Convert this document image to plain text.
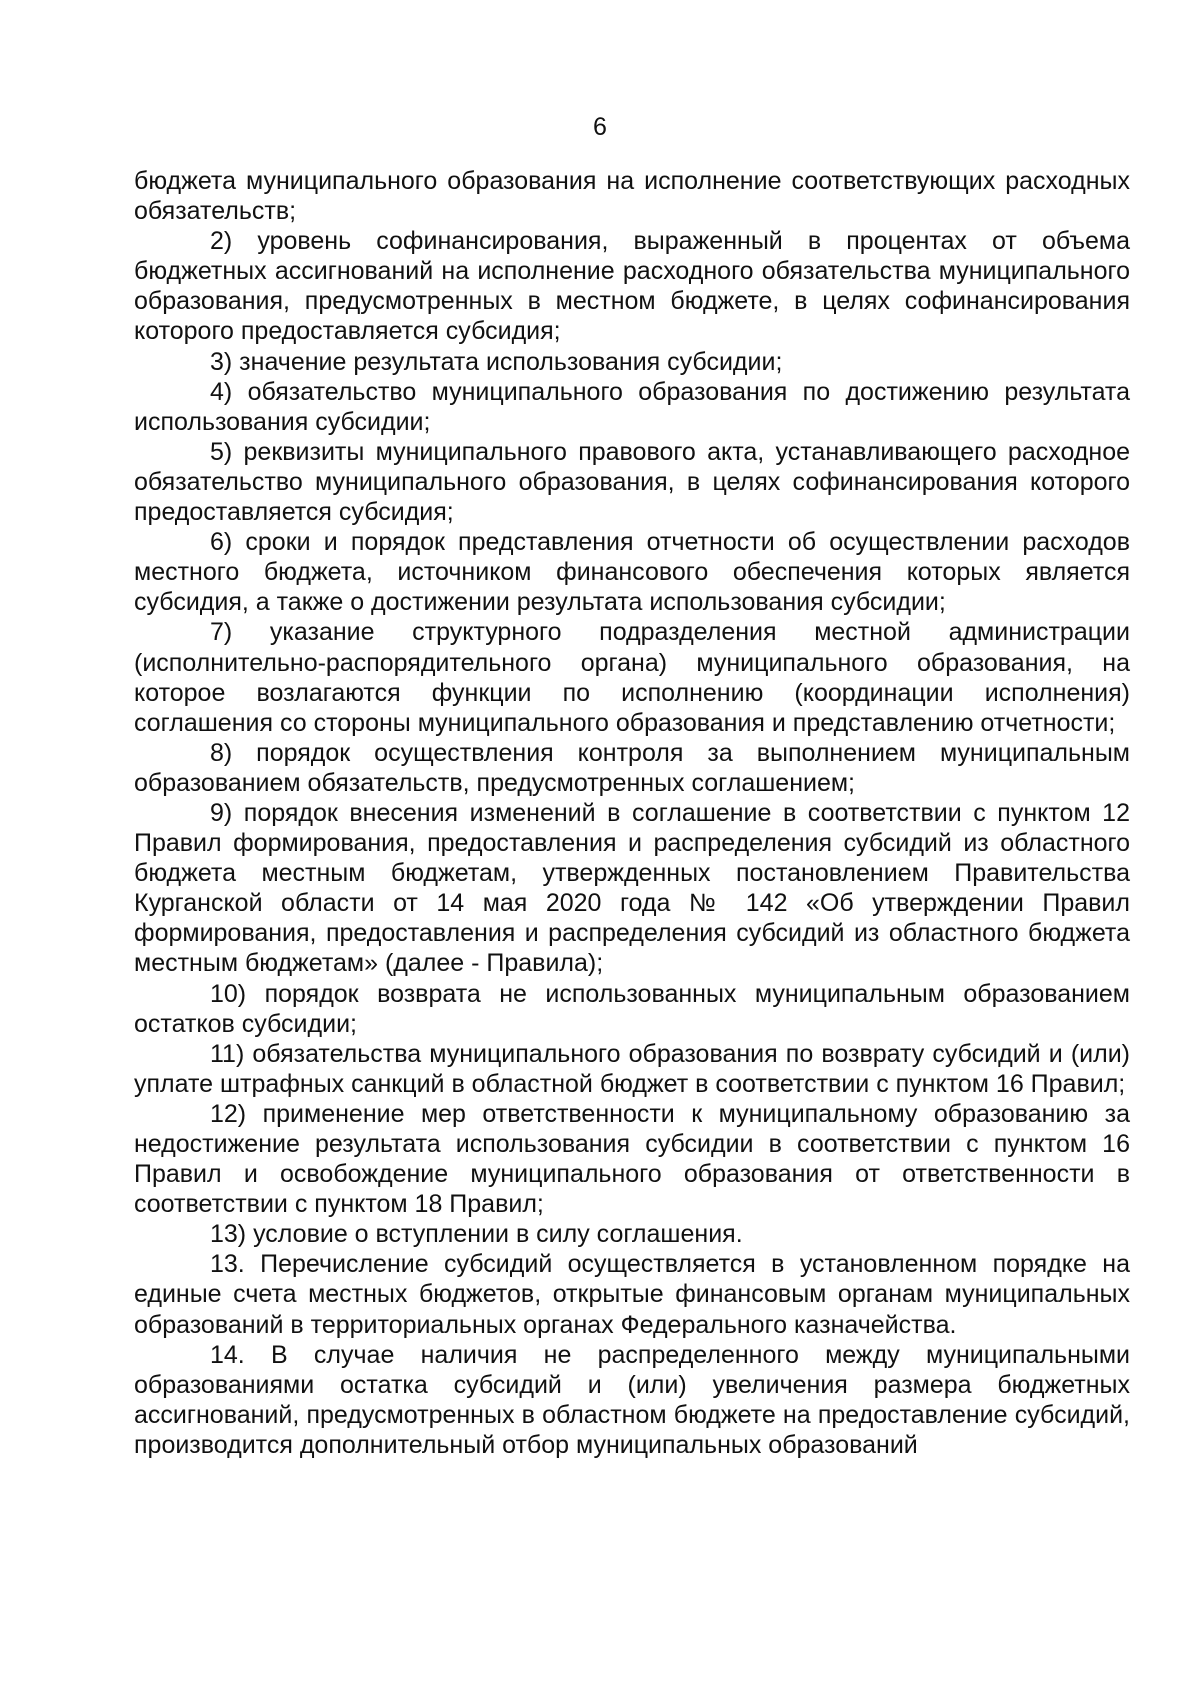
6

бюджета муниципального образования на исполнение соответствующих расходных обязательств;

2) уровень софинансирования, выраженный в процентах от объема бюджетных ассигнований на исполнение расходного обязательства муниципального образования, предусмотренных в местном бюджете, в целях софинансирования которого предоставляется субсидия;

3) значение результата использования субсидии;

4) обязательство муниципального образования по достижению результата использования субсидии;

5) реквизиты муниципального правового акта, устанавливающего расходное обязательство муниципального образования, в целях софинансирования которого предоставляется субсидия;

6) сроки и порядок представления отчетности об осуществлении расходов местного бюджета, источником финансового обеспечения которых является субсидия, а также о достижении результата использования субсидии;

7) указание структурного подразделения местной администрации (исполнительно-распорядительного органа) муниципального образования, на которое возлагаются функции по исполнению (координации исполнения) соглашения со стороны муниципального образования и представлению отчетности;

8) порядок осуществления контроля за выполнением муниципальным образованием обязательств, предусмотренных соглашением;

9) порядок внесения изменений в соглашение в соответствии с пунктом 12 Правил формирования, предоставления и распределения субсидий из областного бюджета местным бюджетам, утвержденных постановлением Правительства Курганской области от 14 мая 2020 года № 142 «Об утверждении Правил формирования, предоставления и распределения субсидий из областного бюджета местным бюджетам» (далее - Правила);

10) порядок возврата не использованных муниципальным образованием остатков субсидии;

11) обязательства муниципального образования по возврату субсидий и (или) уплате штрафных санкций в областной бюджет в соответствии с пунктом 16 Правил;

12) применение мер ответственности к муниципальному образованию за недостижение результата использования субсидии в соответствии с пунктом 16 Правил и освобождение муниципального образования от ответственности в соответствии с пунктом 18 Правил;

13) условие о вступлении в силу соглашения.

13. Перечисление субсидий осуществляется в установленном порядке на единые счета местных бюджетов, открытые финансовым органам муниципальных образований в территориальных органах Федерального казначейства.

14. В случае наличия не распределенного между муниципальными образованиями остатка субсидий и (или) увеличения размера бюджетных ассигнований, предусмотренных в областном бюджете на предоставление субсидий, производится дополнительный отбор муниципальных образований
